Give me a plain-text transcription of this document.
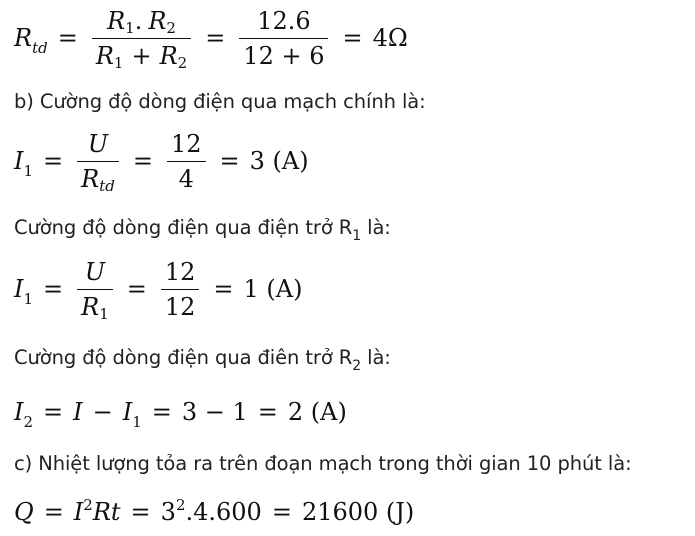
$R_{td} = \frac{R 1 . R 2}{R 1 + R 2} = \frac{12.6}{12 + 6} = 4\Omega$
b) Cường độ dòng điện qua mạch chính là:
$I_1 = \frac{U}{\text{R td}} = \frac{12}{4} = 3$ (A)
Cường độ dòng điện qua điện trở $R_1$ là:
$I_1 = \frac{U}{R 1} = \frac{12}{12} = 1$ (A)
Cường độ dòng điện qua điên trở $R_2$ là:
$I_2 = I - I_1 = 3 - 1 = 2$ (A)
c) Nhiệt lượng tỏa ra trên đoạn mạch trong thời gian 10 phút là:
$Q = I^2Rt = 3^2.4.600 = 21600$ (J)
